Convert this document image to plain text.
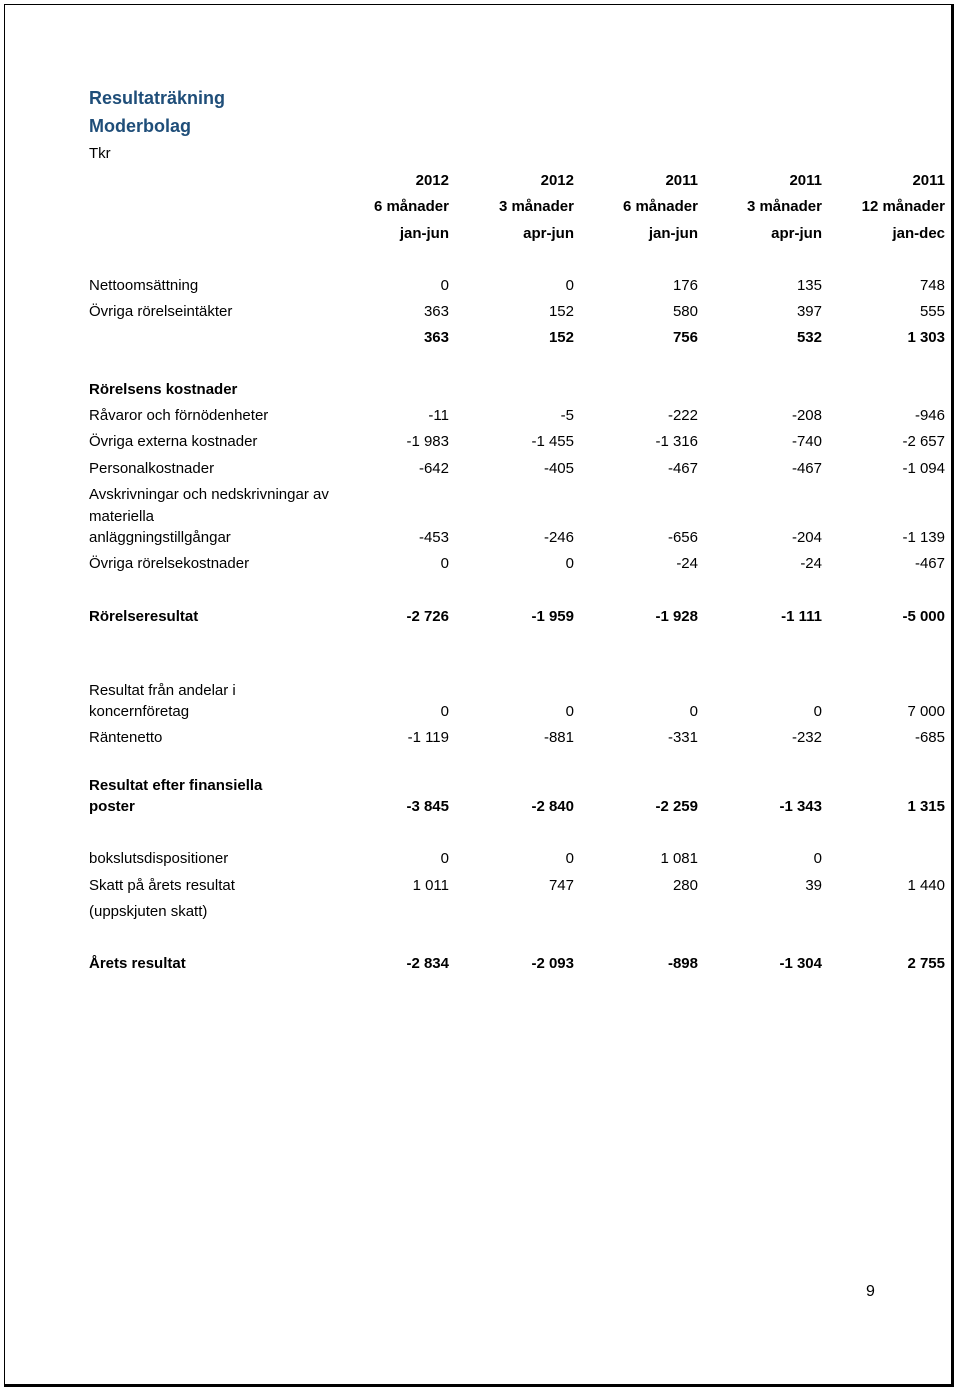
Resultaträkning
Moderbolag
Tkr
2012	2012	2011	2011	2011
6 månader	3 månader	6 månader	3 månader	12 månader
jan-jun	apr-jun	jan-jun	apr-jun	jan-dec
Nettoomsättning	0	0	176	135	748
Övriga rörelseintäkter	363	152	580	397	555
363	152	756	532	1 303
Rörelsens kostnader
Råvaror och förnödenheter	-11	-5	-222	-208	-946
Övriga externa kostnader	-1 983	-1 455	-1 316	-740	-2 657
Personalkostnader	-642	-405	-467	-467	-1 094
Avskrivningar och nedskrivningar av
materiella
anläggningstillgångar	-453	-246	-656	-204	-1 139
Övriga rörelsekostnader	0	0	-24	-24	-467
Rörelseresultat	-2 726	-1 959	-1 928	-1 111	-5 000
Resultat från andelar i
koncernföretag	0	0	0	0	7 000
Räntenetto	-1 119	-881	-331	-232	-685
Resultat efter finansiella
poster	-3 845	-2 840	-2 259	-1 343	1 315
bokslutsdispositioner	0	0	1 081	0
Skatt på årets resultat	1 011	747	280	39	1 440
(uppskjuten skatt)
Årets resultat	-2 834	-2 093	-898	-1 304	2 755
9
